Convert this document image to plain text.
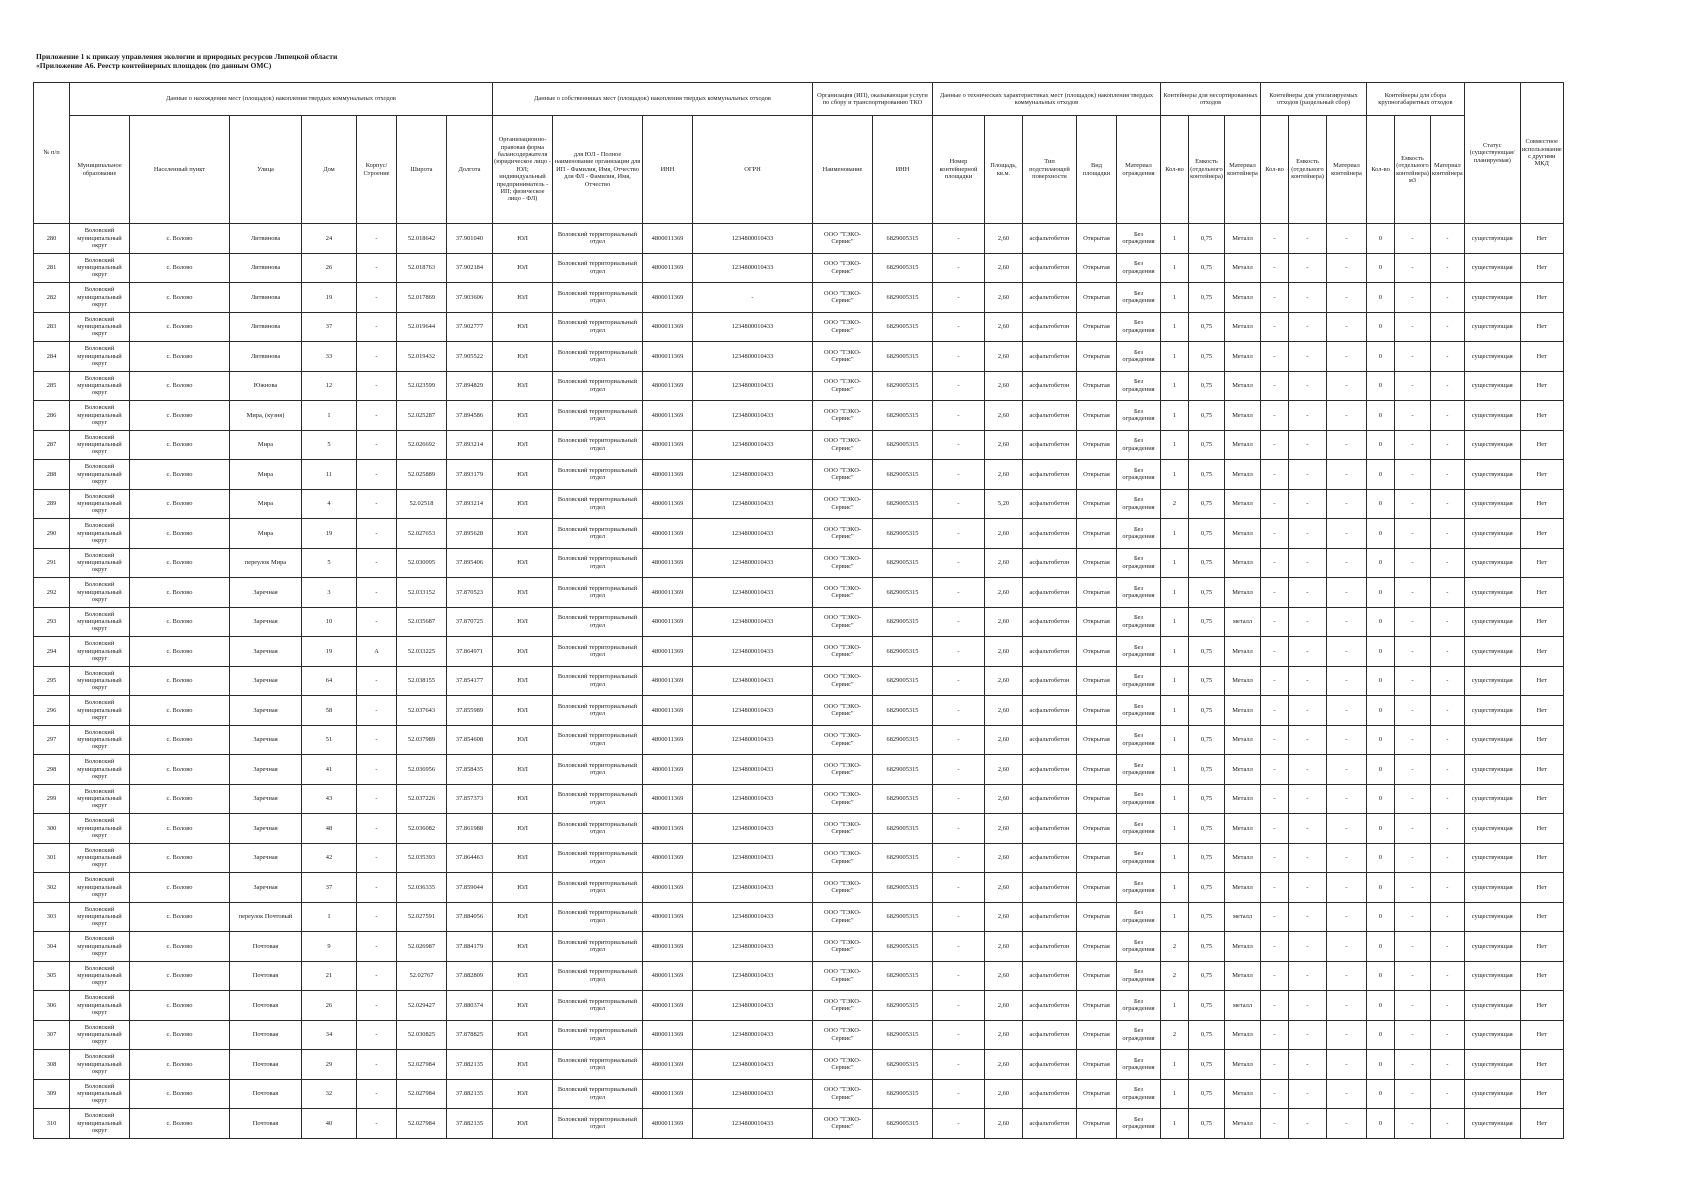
Приложение 1 к приказу управления экологии и природных ресурсов Липецкой области
«Приложение А6. Реестр контейнерных площадок (по данным ОМС)
№ п/п	Данные о нахождении мест (площадок) накопления твердых коммунальных отходов							Данные о собственниках мест (площадок) накопления твердых коммунальных отходов				Организация (ИП), оказывающая услуги по сбору и транспортированию ТКО		Данные о технических характеристиках мест (площадок) накопления твердых коммунальных отходов					Контейнеры для несортированных отходов			Контейнеры для утилизируемых отходов (раздельный сбор)			Контейнеры для сбора крупногабаритных отходов			Статус (существующая/планируемая)	Совместное использование с другими МКД
	Муниципальное образование	Населенный пункт	Улица	Дом	Корпус/Строение	Широта	Долгота	Организационно-правовая форма балансодержателя (юридическое лицо - ЮЛ; индивидуальный предприниматель - ИП; физическое лицо - ФЛ)	для ЮЛ - Полное наименование организации для ИП - Фамилия, Имя, Отчество для ФЛ - Фамилия, Имя, Отчество	ИНН	ОГРН	Наименование	ИНН	Номер контейнерной площадки	Площадь, кв.м.	Тип подстилающей поверхности	Вид площадки	Материал ограждения	Кол-во	Емкость (отдельного контейнера)	Материал контейнера	Кол-во	Емкость (отдельного контейнера)	Материал контейнера	Кол-во	Емкость (отдельного контейнера) м3	Материал контейнера		
280	Воловский муниципальный округ	с. Волово	Литвинова	24	-	52.018642	37.901040	ЮЛ	Воловский территориальный отдел	4800011369	1234800010433	ООО "ТЭКО-Сервис"	6829005315	-	2,60	асфальтобетон	Открытая	Без ограждения	1	0,75	Металл	-	-	-	0	-	-	существующая	Нет
281	Воловский муниципальный округ	с. Волово	Литвинова	26	-	52.018763	37.902184	ЮЛ	Воловский территориальный отдел	4800011369	1234800010433	ООО "ТЭКО-Сервис"	6829005315	-	2,60	асфальтобетон	Открытая	Без ограждения	1	0,75	Металл	-	-	-	0	-	-	существующая	Нет
282	Воловский муниципальный округ	с. Волово	Литвинова	19	-	52.017869	37.903606	ЮЛ	Воловский территориальный отдел	4800011369	-	ООО "ТЭКО-Сервис"	6829005315	-	2,60	асфальтобетон	Открытая	Без ограждения	1	0,75	Металл	-	-	-	0	-	-	существующая	Нет
283	Воловский муниципальный округ	с. Волово	Литвинова	37	-	52.019644	37.902777	ЮЛ	Воловский территориальный отдел	4800011369	1234800010433	ООО "ТЭКО-Сервис"	6829005315	-	2,60	асфальтобетон	Открытая	Без ограждения	1	0,75	Металл	-	-	-	0	-	-	существующая	Нет
284	Воловский муниципальный округ	с. Волово	Литвинова	33	-	52.019432	37.905522	ЮЛ	Воловский территориальный отдел	4800011369	1234800010433	ООО "ТЭКО-Сервис"	6829005315	-	2,60	асфальтобетон	Открытая	Без ограждения	1	0,75	Металл	-	-	-	0	-	-	существующая	Нет
285	Воловский муниципальный округ	с. Волово	Южнова	12	-	52.023599	37.894829	ЮЛ	Воловский территориальный отдел	4800011369	1234800010433	ООО "ТЭКО-Сервис"	6829005315	-	2,60	асфальтобетон	Открытая	Без ограждения	1	0,75	Металл	-	-	-	0	-	-	существующая	Нет
286	Воловский муниципальный округ	с. Волово	Мира, (кузня)	1	-	52.025287	37.894586	ЮЛ	Воловский территориальный отдел	4800011369	1234800010433	ООО "ТЭКО-Сервис"	6829005315	-	2,60	асфальтобетон	Открытая	Без ограждения	1	0,75	Металл	-	-	-	0	-	-	существующая	Нет
287	Воловский муниципальный округ	с. Волово	Мира	5	-	52.026692	37.893214	ЮЛ	Воловский территориальный отдел	4800011369	1234800010433	ООО "ТЭКО-Сервис"	6829005315	-	2,60	асфальтобетон	Открытая	Без ограждения	1	0,75	Металл	-	-	-	0	-	-	существующая	Нет
288	Воловский муниципальный округ	с. Волово	Мира	11	-	52.025889	37.893179	ЮЛ	Воловский территориальный отдел	4800011369	1234800010433	ООО "ТЭКО-Сервис"	6829005315	-	2,60	асфальтобетон	Открытая	Без ограждения	1	0,75	Металл	-	-	-	0	-	-	существующая	Нет
289	Воловский муниципальный округ	с. Волово	Мира	4	-	52.02518	37.893214	ЮЛ	Воловский территориальный отдел	4800011369	1234800010433	ООО "ТЭКО-Сервис"	6829005315	-	5,20	асфальтобетон	Открытая	Без ограждения	2	0,75	Металл	-	-	-	0	-	-	существующая	Нет
290	Воловский муниципальный округ	с. Волово	Мира	19	-	52.027653	37.895628	ЮЛ	Воловский территориальный отдел	4800011369	1234800010433	ООО "ТЭКО-Сервис"	6829005315	-	2,60	асфальтобетон	Открытая	Без ограждения	1	0,75	Металл	-	-	-	0	-	-	существующая	Нет
291	Воловский муниципальный округ	с. Волово	переулок Мира	5	-	52.030095	37.895406	ЮЛ	Воловский территориальный отдел	4800011369	1234800010433	ООО "ТЭКО-Сервис"	6829005315	-	2,60	асфальтобетон	Открытая	Без ограждения	1	0,75	Металл	-	-	-	0	-	-	существующая	Нет
292	Воловский муниципальный округ	с. Волово	Заречная	3	-	52.033152	37.870523	ЮЛ	Воловский территориальный отдел	4800011369	1234800010433	ООО "ТЭКО-Сервис"	6829005315	-	2,60	асфальтобетон	Открытая	Без ограждения	1	0,75	Металл	-	-	-	0	-	-	существующая	Нет
293	Воловский муниципальный округ	с. Волово	Заречная	10	-	52.035687	37.870725	ЮЛ	Воловский территориальный отдел	4800011369	1234800010433	ООО "ТЭКО-Сервис"	6829005315	-	2,60	асфальтобетон	Открытая	Без ограждения	1	0,75	металл	-	-	-	0	-	-	существующая	Нет
294	Воловский муниципальный округ	с. Волово	Заречная	19	А	52.033225	37.864971	ЮЛ	Воловский территориальный отдел	4800011369	1234800010433	ООО "ТЭКО-Сервис"	6829005315	-	2,60	асфальтобетон	Открытая	Без ограждения	1	0,75	Металл	-	-	-	0	-	-	существующая	Нет
295	Воловский муниципальный округ	с. Волово	Заречная	64	-	52.038155	37.854177	ЮЛ	Воловский территориальный отдел	4800011369	1234800010433	ООО "ТЭКО-Сервис"	6829005315	-	2,60	асфальтобетон	Открытая	Без ограждения	1	0,75	Металл	-	-	-	0	-	-	существующая	Нет
296	Воловский муниципальный округ	с. Волово	Заречная	58	-	52.037643	37.855989	ЮЛ	Воловский территориальный отдел	4800011369	1234800010433	ООО "ТЭКО-Сервис"	6829005315	-	2,60	асфальтобетон	Открытая	Без ограждения	1	0,75	Металл	-	-	-	0	-	-	существующая	Нет
297	Воловский муниципальный округ	с. Волово	Заречная	51	-	52.037989	37.854608	ЮЛ	Воловский территориальный отдел	4800011369	1234800010433	ООО "ТЭКО-Сервис"	6829005315	-	2,60	асфальтобетон	Открытая	Без ограждения	1	0,75	Металл	-	-	-	0	-	-	существующая	Нет
298	Воловский муниципальный округ	с. Волово	Заречная	41	-	52.036956	37.858435	ЮЛ	Воловский территориальный отдел	4800011369	1234800010433	ООО "ТЭКО-Сервис"	6829005315	-	2,60	асфальтобетон	Открытая	Без ограждения	1	0,75	Металл	-	-	-	0	-	-	существующая	Нет
299	Воловский муниципальный округ	с. Волово	Заречная	43	-	52.037226	37.857373	ЮЛ	Воловский территориальный отдел	4800011369	1234800010433	ООО "ТЭКО-Сервис"	6829005315	-	2,60	асфальтобетон	Открытая	Без ограждения	1	0,75	Металл	-	-	-	0	-	-	существующая	Нет
300	Воловский муниципальный округ	с. Волово	Заречная	48	-	52.036082	37.861988	ЮЛ	Воловский территориальный отдел	4800011369	1234800010433	ООО "ТЭКО-Сервис"	6829005315	-	2,60	асфальтобетон	Открытая	Без ограждения	1	0,75	Металл	-	-	-	0	-	-	существующая	Нет
301	Воловский муниципальный округ	с. Волово	Заречная	42	-	52.035393	37.864463	ЮЛ	Воловский территориальный отдел	4800011369	1234800010433	ООО "ТЭКО-Сервис"	6829005315	-	2,60	асфальтобетон	Открытая	Без ограждения	1	0,75	Металл	-	-	-	0	-	-	существующая	Нет
302	Воловский муниципальный округ	с. Волово	Заречная	37	-	52.036335	37.859044	ЮЛ	Воловский территориальный отдел	4800011369	1234800010433	ООО "ТЭКО-Сервис"	6829005315	-	2,60	асфальтобетон	Открытая	Без ограждения	1	0,75	Металл	-	-	-	0	-	-	существующая	Нет
303	Воловский муниципальный округ	с. Волово	переулок Почтовый	1	-	52.027591	37.884056	ЮЛ	Воловский территориальный отдел	4800011369	1234800010433	ООО "ТЭКО-Сервис"	6829005315	-	2,60	асфальтобетон	Открытая	Без ограждения	1	0,75	металл	-	-	-	0	-	-	существующая	Нет
304	Воловский муниципальный округ	с. Волово	Почтовая	9	-	52.026987	37.884179	ЮЛ	Воловский территориальный отдел	4800011369	1234800010433	ООО "ТЭКО-Сервис"	6829005315	-	2,60	асфальтобетон	Открытая	Без ограждения	2	0,75	Металл	-	-	-	0	-	-	существующая	Нет
305	Воловский муниципальный округ	с. Волово	Почтовая	21	-	52.02767	37.882809	ЮЛ	Воловский территориальный отдел	4800011369	1234800010433	ООО "ТЭКО-Сервис"	6829005315	-	2,60	асфальтобетон	Открытая	Без ограждения	2	0,75	Металл	-	-	-	0	-	-	существующая	Нет
306	Воловский муниципальный округ	с. Волово	Почтовая	26	-	52.029427	37.880374	ЮЛ	Воловский территориальный отдел	4800011369	1234800010433	ООО "ТЭКО-Сервис"	6829005315	-	2,60	асфальтобетон	Открытая	Без ограждения	1	0,75	металл	-	-	-	0	-	-	существующая	Нет
307	Воловский муниципальный округ	с. Волово	Почтовая	34	-	52.030825	37.878825	ЮЛ	Воловский территориальный отдел	4800011369	1234800010433	ООО "ТЭКО-Сервис"	6829005315	-	2,60	асфальтобетон	Открытая	Без ограждения	2	0,75	Металл	-	-	-	0	-	-	существующая	Нет
308	Воловский муниципальный округ	с. Волово	Почтовая	29	-	52.027984	37.882135	ЮЛ	Воловский территориальный отдел	4800011369	1234800010433	ООО "ТЭКО-Сервис"	6829005315	-	2,60	асфальтобетон	Открытая	Без ограждения	1	0,75	Металл	-	-	-	0	-	-	существующая	Нет
309	Воловский муниципальный округ	с. Волово	Почтовая	32	-	52.027984	37.882135	ЮЛ	Воловский территориальный отдел	4800011369	1234800010433	ООО "ТЭКО-Сервис"	6829005315	-	2,60	асфальтобетон	Открытая	Без ограждения	1	0,75	Металл	-	-	-	0	-	-	существующая	Нет
310	Воловский муниципальный округ	с. Волово	Почтовая	40	-	52.027984	37.882135	ЮЛ	Воловский территориальный отдел	4800011369	1234800010433	ООО "ТЭКО-Сервис"	6829005315	-	2,60	асфальтобетон	Открытая	Без ограждения	1	0,75	Металл	-	-	-	0	-	-	существующая	Нет
